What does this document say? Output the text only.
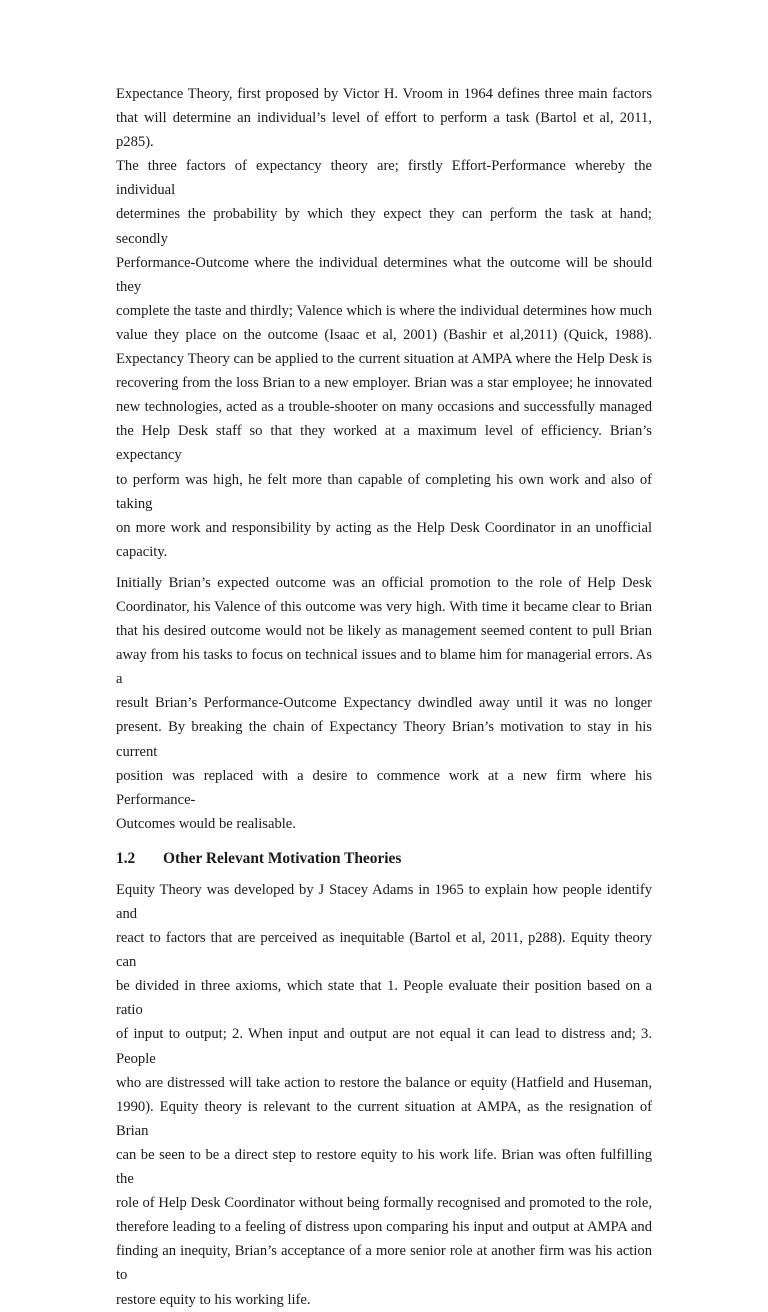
Expectance Theory, first proposed by Victor H. Vroom in 1964 defines three main factors
that will determine an individual’s level of effort to perform a task (Bartol et al, 2011, p285).
The three factors of expectancy theory are; firstly Effort-Performance whereby the individual
determines the probability by which they expect they can perform the task at hand; secondly
Performance-Outcome where the individual determines what the outcome will be should they
complete the taste and thirdly; Valence which is where the individual determines how much
value they place on the outcome (Isaac et al, 2001) (Bashir et al,2011) (Quick, 1988).
Expectancy Theory can be applied to the current situation at AMPA where the Help Desk is
recovering from the loss Brian to a new employer. Brian was a star employee; he innovated
new technologies, acted as a trouble-shooter on many occasions and successfully managed
the Help Desk staff so that they worked at a maximum level of efficiency. Brian’s expectancy
to perform was high, he felt more than capable of completing his own work and also of taking
on more work and responsibility by acting as the Help Desk Coordinator in an unofficial
capacity.

Initially Brian’s expected outcome was an official promotion to the role of Help Desk
Coordinator, his Valence of this outcome was very high. With time it became clear to Brian
that his desired outcome would not be likely as management seemed content to pull Brian
away from his tasks to focus on technical issues and to blame him for managerial errors. As a
result Brian’s Performance-Outcome Expectancy dwindled away until it was no longer
present. By breaking the chain of Expectancy Theory Brian’s motivation to stay in his current
position was replaced with a desire to commence work at a new firm where his Performance-
Outcomes would be realisable.

1.2	Other Relevant Motivation Theories

Equity Theory was developed by J Stacey Adams in 1965 to explain how people identify and
react to factors that are perceived as inequitable (Bartol et al, 2011, p288). Equity theory can
be divided in three axioms, which state that 1. People evaluate their position based on a ratio
of input to output; 2. When input and output are not equal it can lead to distress and; 3. People
who are distressed will take action to restore the balance or equity (Hatfield and Huseman,
1990). Equity theory is relevant to the current situation at AMPA, as the resignation of Brian
can be seen to be a direct step to restore equity to his work life. Brian was often fulfilling the
role of Help Desk Coordinator without being formally recognised and promoted to the role,
therefore leading to a feeling of distress upon comparing his input and output at AMPA and
finding an inequity, Brian’s acceptance of a more senior role at another firm was his action to
restore equity to his working life.
